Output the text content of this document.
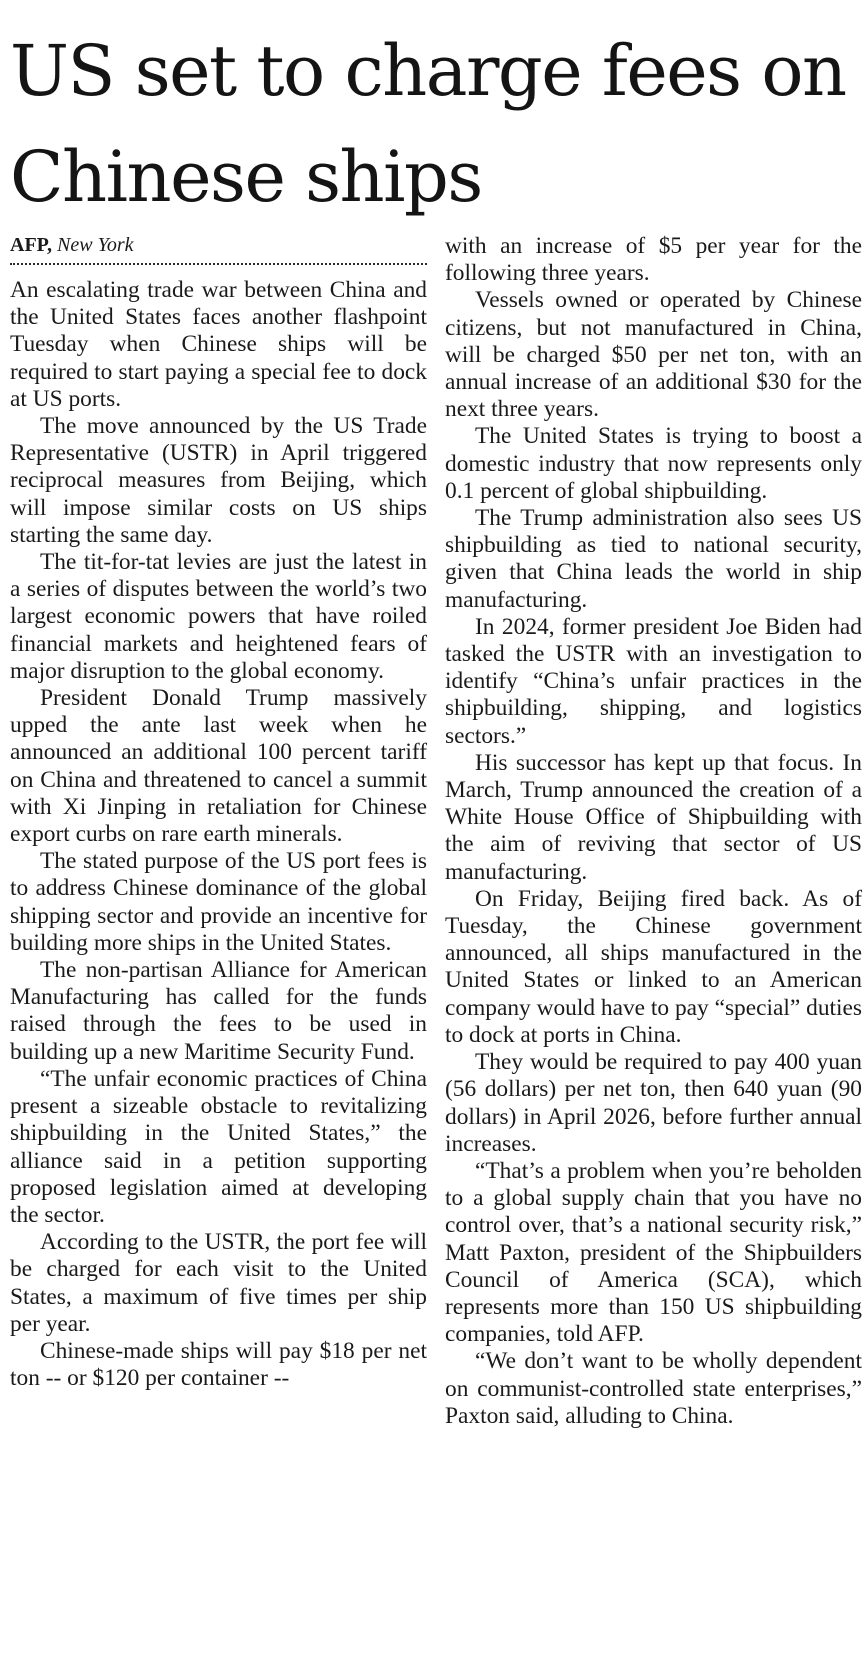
US set to charge fees on Chinese ships
AFP, New York

An escalating trade war between China and the United States faces another flashpoint Tuesday when Chinese ships will be required to start paying a special fee to dock at US ports.

The move announced by the US Trade Representative (USTR) in April triggered reciprocal measures from Beijing, which will impose similar costs on US ships starting the same day.

The tit-for-tat levies are just the latest in a series of disputes between the world’s two largest economic powers that have roiled financial markets and heightened fears of major disruption to the global economy.

President Donald Trump massively upped the ante last week when he announced an additional 100 percent tariff on China and threatened to cancel a summit with Xi Jinping in retaliation for Chinese export curbs on rare earth minerals.

The stated purpose of the US port fees is to address Chinese dominance of the global shipping sector and provide an incentive for building more ships in the United States.

The non-partisan Alliance for American Manufacturing has called for the funds raised through the fees to be used in building up a new Maritime Security Fund.

“The unfair economic practices of China present a sizeable obstacle to revitalizing shipbuilding in the United States,” the alliance said in a petition supporting proposed legislation aimed at developing the sector.

According to the USTR, the port fee will be charged for each visit to the United States, a maximum of five times per ship per year.

Chinese-made ships will pay $18 per net ton -- or $120 per container --

with an increase of $5 per year for the following three years.

Vessels owned or operated by Chinese citizens, but not manufactured in China, will be charged $50 per net ton, with an annual increase of an additional $30 for the next three years.

The United States is trying to boost a domestic industry that now represents only 0.1 percent of global shipbuilding.

The Trump administration also sees US shipbuilding as tied to national security, given that China leads the world in ship manufacturing.

In 2024, former president Joe Biden had tasked the USTR with an investigation to identify “China’s unfair practices in the shipbuilding, shipping, and logistics sectors.”

His successor has kept up that focus. In March, Trump announced the creation of a White House Office of Shipbuilding with the aim of reviving that sector of US manufacturing.

On Friday, Beijing fired back. As of Tuesday, the Chinese government announced, all ships manufactured in the United States or linked to an American company would have to pay “special” duties to dock at ports in China.

They would be required to pay 400 yuan (56 dollars) per net ton, then 640 yuan (90 dollars) in April 2026, before further annual increases.

“That’s a problem when you’re beholden to a global supply chain that you have no control over, that’s a national security risk,” Matt Paxton, president of the Shipbuilders Council of America (SCA), which represents more than 150 US shipbuilding companies, told AFP.

“We don’t want to be wholly dependent on communist-controlled state enterprises,” Paxton said, alluding to China.
